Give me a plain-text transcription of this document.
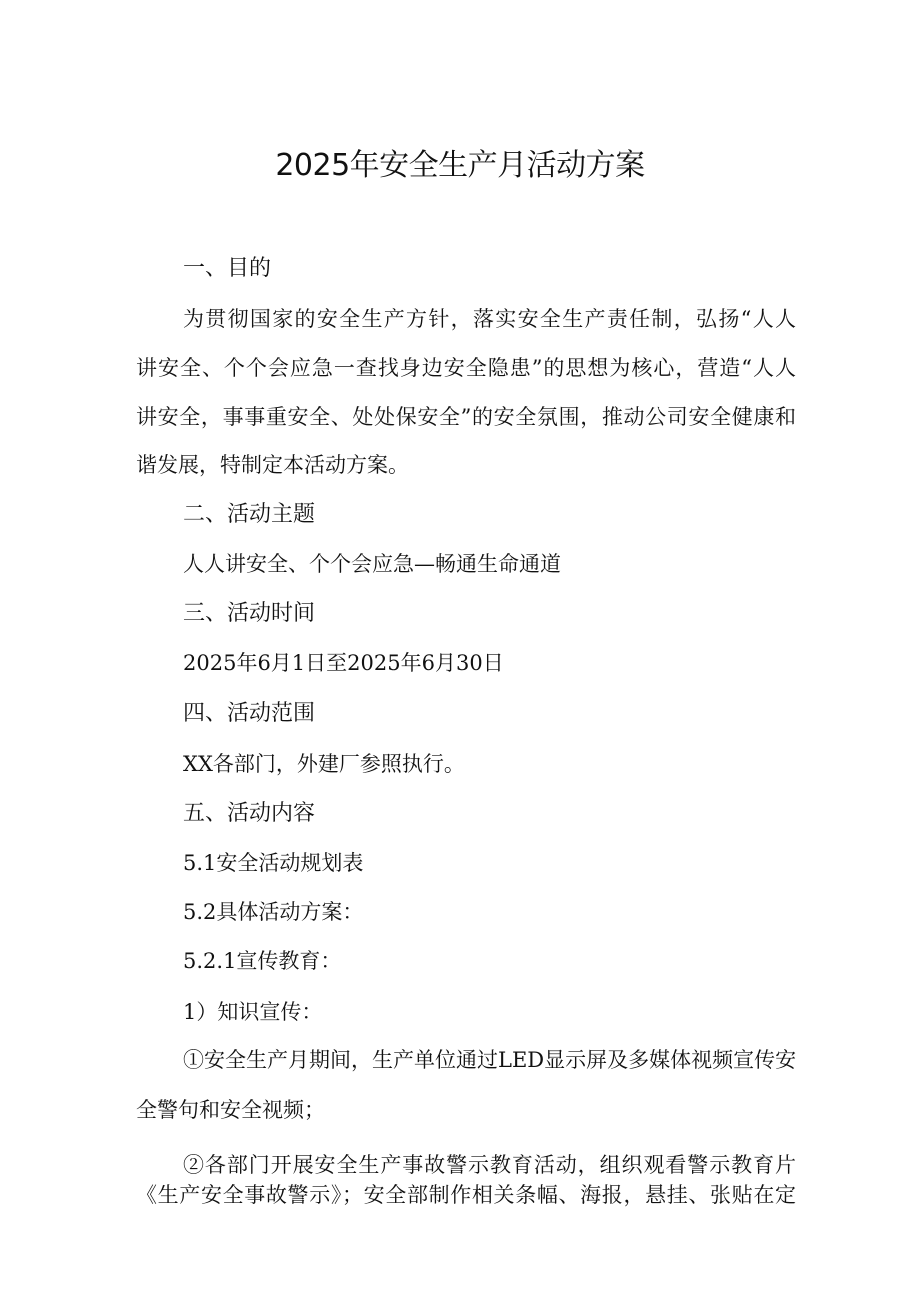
2025年安全生产月活动方案
一、目的
为贯彻国家的安全生产方针，落实安全生产责任制，弘扬“人人
讲安全、个个会应急一查找身边安全隐患”的思想为核心，营造“人人
讲安全，事事重安全、处处保安全”的安全氛围，推动公司安全健康和
谐发展，特制定本活动方案。
二、活动主题
人人讲安全、个个会应急—畅通生命通道
三、活动时间
2025年6月1日至2025年6月30日
四、活动范围
XX各部门，外建厂参照执行。
五、活动内容
5.1安全活动规划表
5.2具体活动方案：
5.2.1宣传教育：
1）知识宣传：
①安全生产月期间，生产单位通过LED显示屏及多媒体视频宣传安
全警句和安全视频；
②各部门开展安全生产事故警示教育活动，组织观看警示教育片
《生产安全事故警示》；安全部制作相关条幅、海报，悬挂、张贴在定
